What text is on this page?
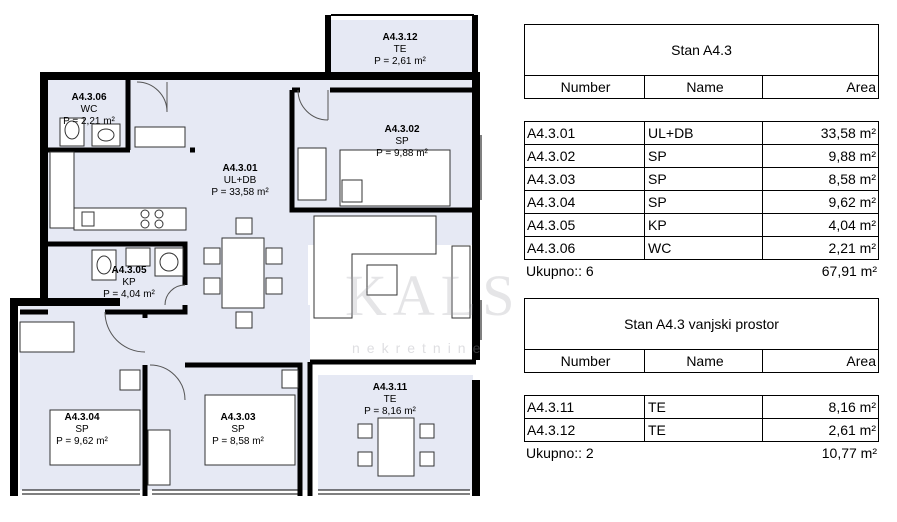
A4.3.12
TE
P = 2,61 m²
A4.3.06
WC
P = 2,21 m²
A4.3.01
UL+DB
P = 33,58 m²
A4.3.02
SP
P = 9,88 m²
A4.3.05
KP
P = 4,04 m²
A4.3.11
TE
P = 8,16 m²
A4.3.04
SP
P = 9,62 m²
A4.3.03
SP
P = 8,58 m²
KALS
nekretnine
Stan A4.3
Number	Name	Area
A4.3.01	UL+DB	33,58 m²
A4.3.02	SP	9,88 m²
A4.3.03	SP	8,58 m²
A4.3.04	SP	9,62 m²
A4.3.05	KP	4,04 m²
A4.3.06	WC	2,21 m²
Ukupno:: 6	67,91 m²
Stan A4.3 vanjski prostor
Number	Name	Area
A4.3.11	TE	8,16 m²
A4.3.12	TE	2,61 m²
Ukupno:: 2	10,77 m²
